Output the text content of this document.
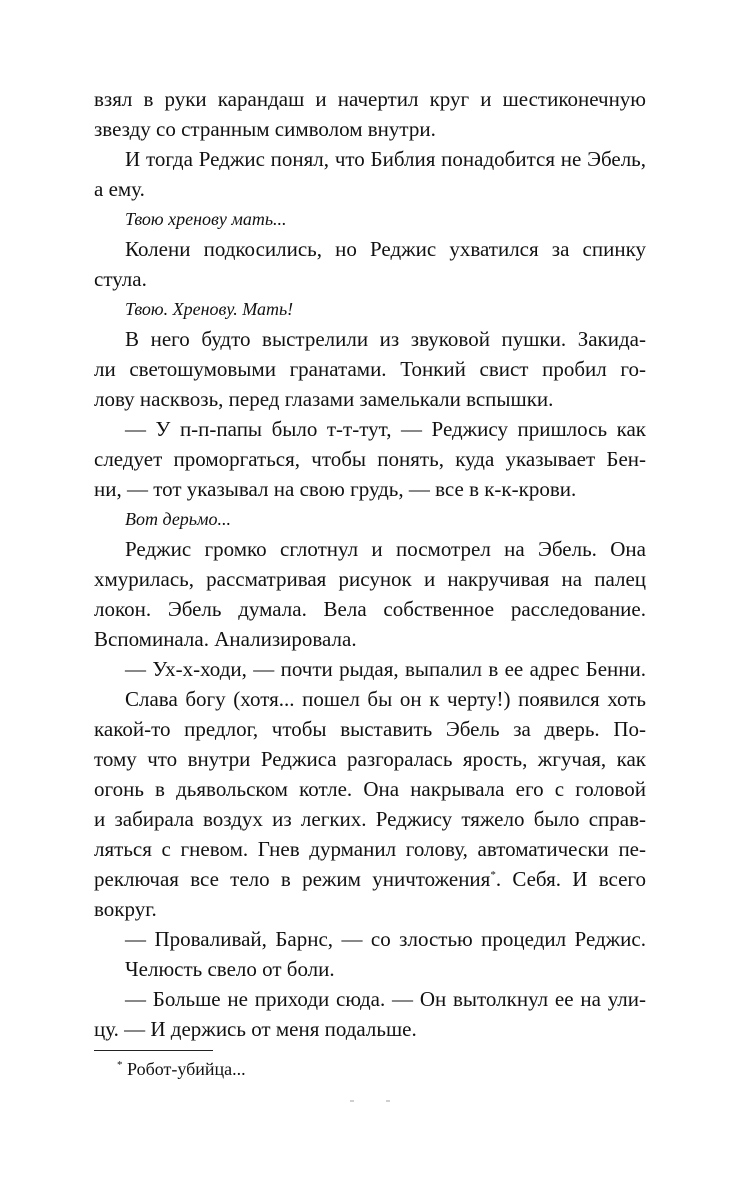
взял в руки карандаш и начертил круг и шестиконечную
звезду со странным символом внутри.
И тогда Реджис понял, что Библия понадобится не Эбель,
а ему.
Твою хренову мать...
Колени подкосились, но Реджис ухватился за спинку
стула.
Твою. Хренову. Мать!
В него будто выстрелили из звуковой пушки. Закида-
ли светошумовыми гранатами. Тонкий свист пробил го-
лову насквозь, перед глазами замелькали вспышки.
— У п-п-папы было т-т-тут, — Реджису пришлось как
следует проморгаться, чтобы понять, куда указывает Бен-
ни, — тот указывал на свою грудь, — все в к-к-крови.
Вот дерьмо...
Реджис громко сглотнул и посмотрел на Эбель. Она
хмурилась, рассматривая рисунок и накручивая на палец
локон. Эбель думала. Вела собственное расследование.
Вспоминала. Анализировала.
— Ух-х-ходи, — почти рыдая, выпалил в ее адрес Бенни.
Слава богу (хотя... пошел бы он к черту!) появился хоть
какой-то предлог, чтобы выставить Эбель за дверь. По-
тому что внутри Реджиса разгоралась ярость, жгучая, как
огонь в дьявольском котле. Она накрывала его с головой
и забирала воздух из легких. Реджису тяжело было справ-
ляться с гневом. Гнев дурманил голову, автоматически пе-
реключая все тело в режим уничтожения*. Себя. И всего
вокруг.
— Проваливай, Барнс, — со злостью процедил Реджис.
Челюсть свело от боли.
— Больше не приходи сюда. — Он вытолкнул ее на ули-
цу. — И держись от меня подальше.
* Робот-убийца...
